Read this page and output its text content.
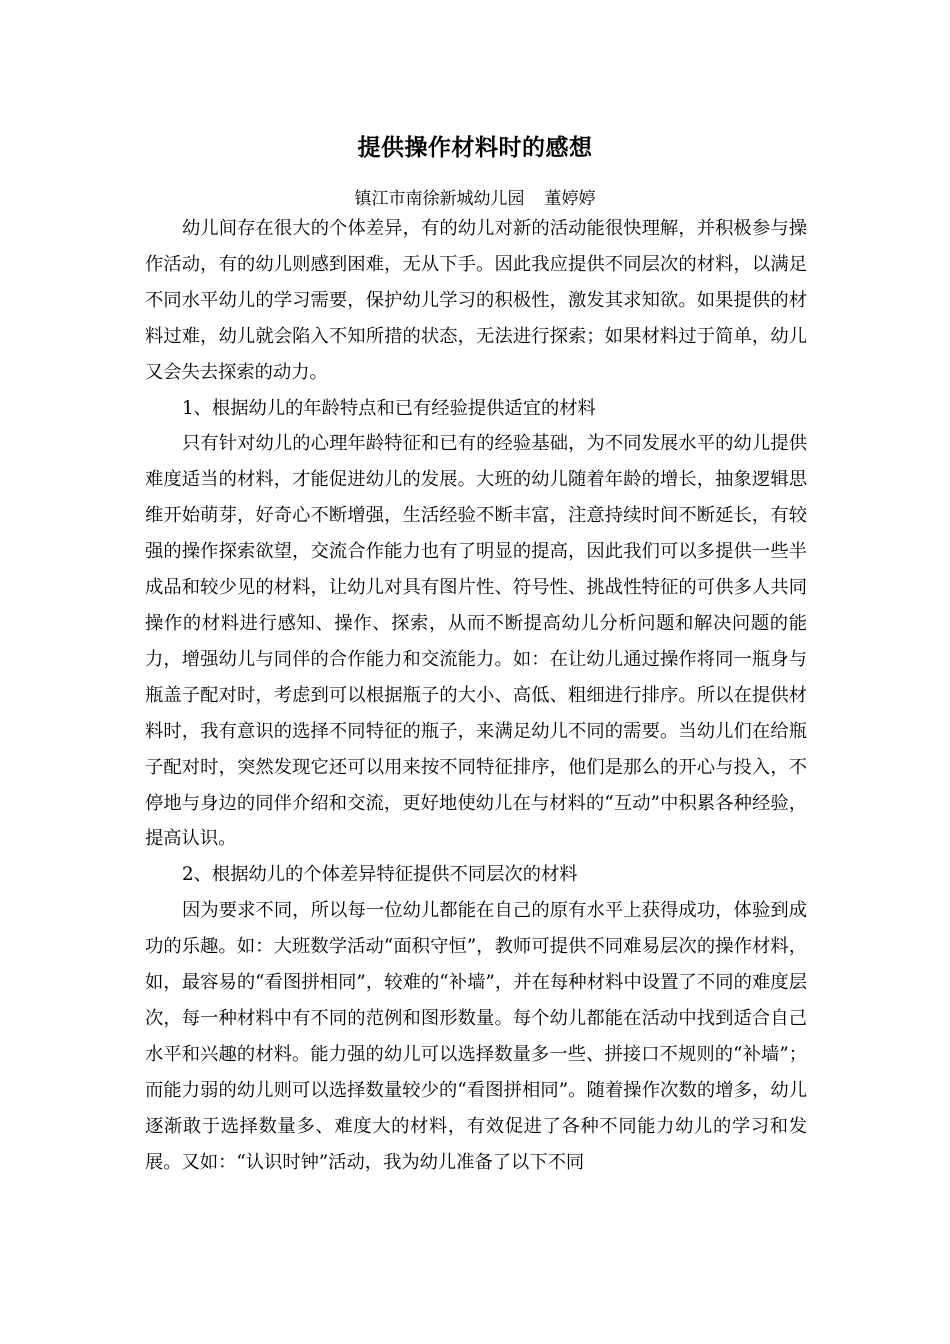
提供操作材料时的感想
镇江市南徐新城幼儿园 董婷婷

幼儿间存在很大的个体差异，有的幼儿对新的活动能很快理解，并积极参与操作活动，有的幼儿则感到困难，无从下手。因此我应提供不同层次的材料，以满足不同水平幼儿的学习需要，保护幼儿学习的积极性，激发其求知欲。如果提供的材料过难，幼儿就会陷入不知所措的状态，无法进行探索；如果材料过于简单，幼儿又会失去探索的动力。

1、根据幼儿的年龄特点和已有经验提供适宜的材料

只有针对幼儿的心理年龄特征和已有的经验基础，为不同发展水平的幼儿提供难度适当的材料，才能促进幼儿的发展。大班的幼儿随着年龄的增长，抽象逻辑思维开始萌芽，好奇心不断增强，生活经验不断丰富，注意持续时间不断延长，有较强的操作探索欲望，交流合作能力也有了明显的提高，因此我们可以多提供一些半成品和较少见的材料，让幼儿对具有图片性、符号性、挑战性特征的可供多人共同操作的材料进行感知、操作、探索，从而不断提高幼儿分析问题和解决问题的能力，增强幼儿与同伴的合作能力和交流能力。如：在让幼儿通过操作将同一瓶身与瓶盖子配对时，考虑到可以根据瓶子的大小、高低、粗细进行排序。所以在提供材料时，我有意识的选择不同特征的瓶子，来满足幼儿不同的需要。当幼儿们在给瓶子配对时，突然发现它还可以用来按不同特征排序，他们是那么的开心与投入，不停地与身边的同伴介绍和交流，更好地使幼儿在与材料的“互动”中积累各种经验，提高认识。

2、根据幼儿的个体差异特征提供不同层次的材料

因为要求不同，所以每一位幼儿都能在自己的原有水平上获得成功，体验到成功的乐趣。如：大班数学活动“面积守恒”，教师可提供不同难易层次的操作材料，如，最容易的“看图拼相同”，较难的“补墙”，并在每种材料中设置了不同的难度层次，每一种材料中有不同的范例和图形数量。每个幼儿都能在活动中找到适合自己水平和兴趣的材料。能力强的幼儿可以选择数量多一些、拼接口不规则的“补墙”；而能力弱的幼儿则可以选择数量较少的“看图拼相同”。随着操作次数的增多，幼儿逐渐敢于选择数量多、难度大的材料，有效促进了各种不同能力幼儿的学习和发展。又如：“认识时钟”活动，我为幼儿准备了以下不同
